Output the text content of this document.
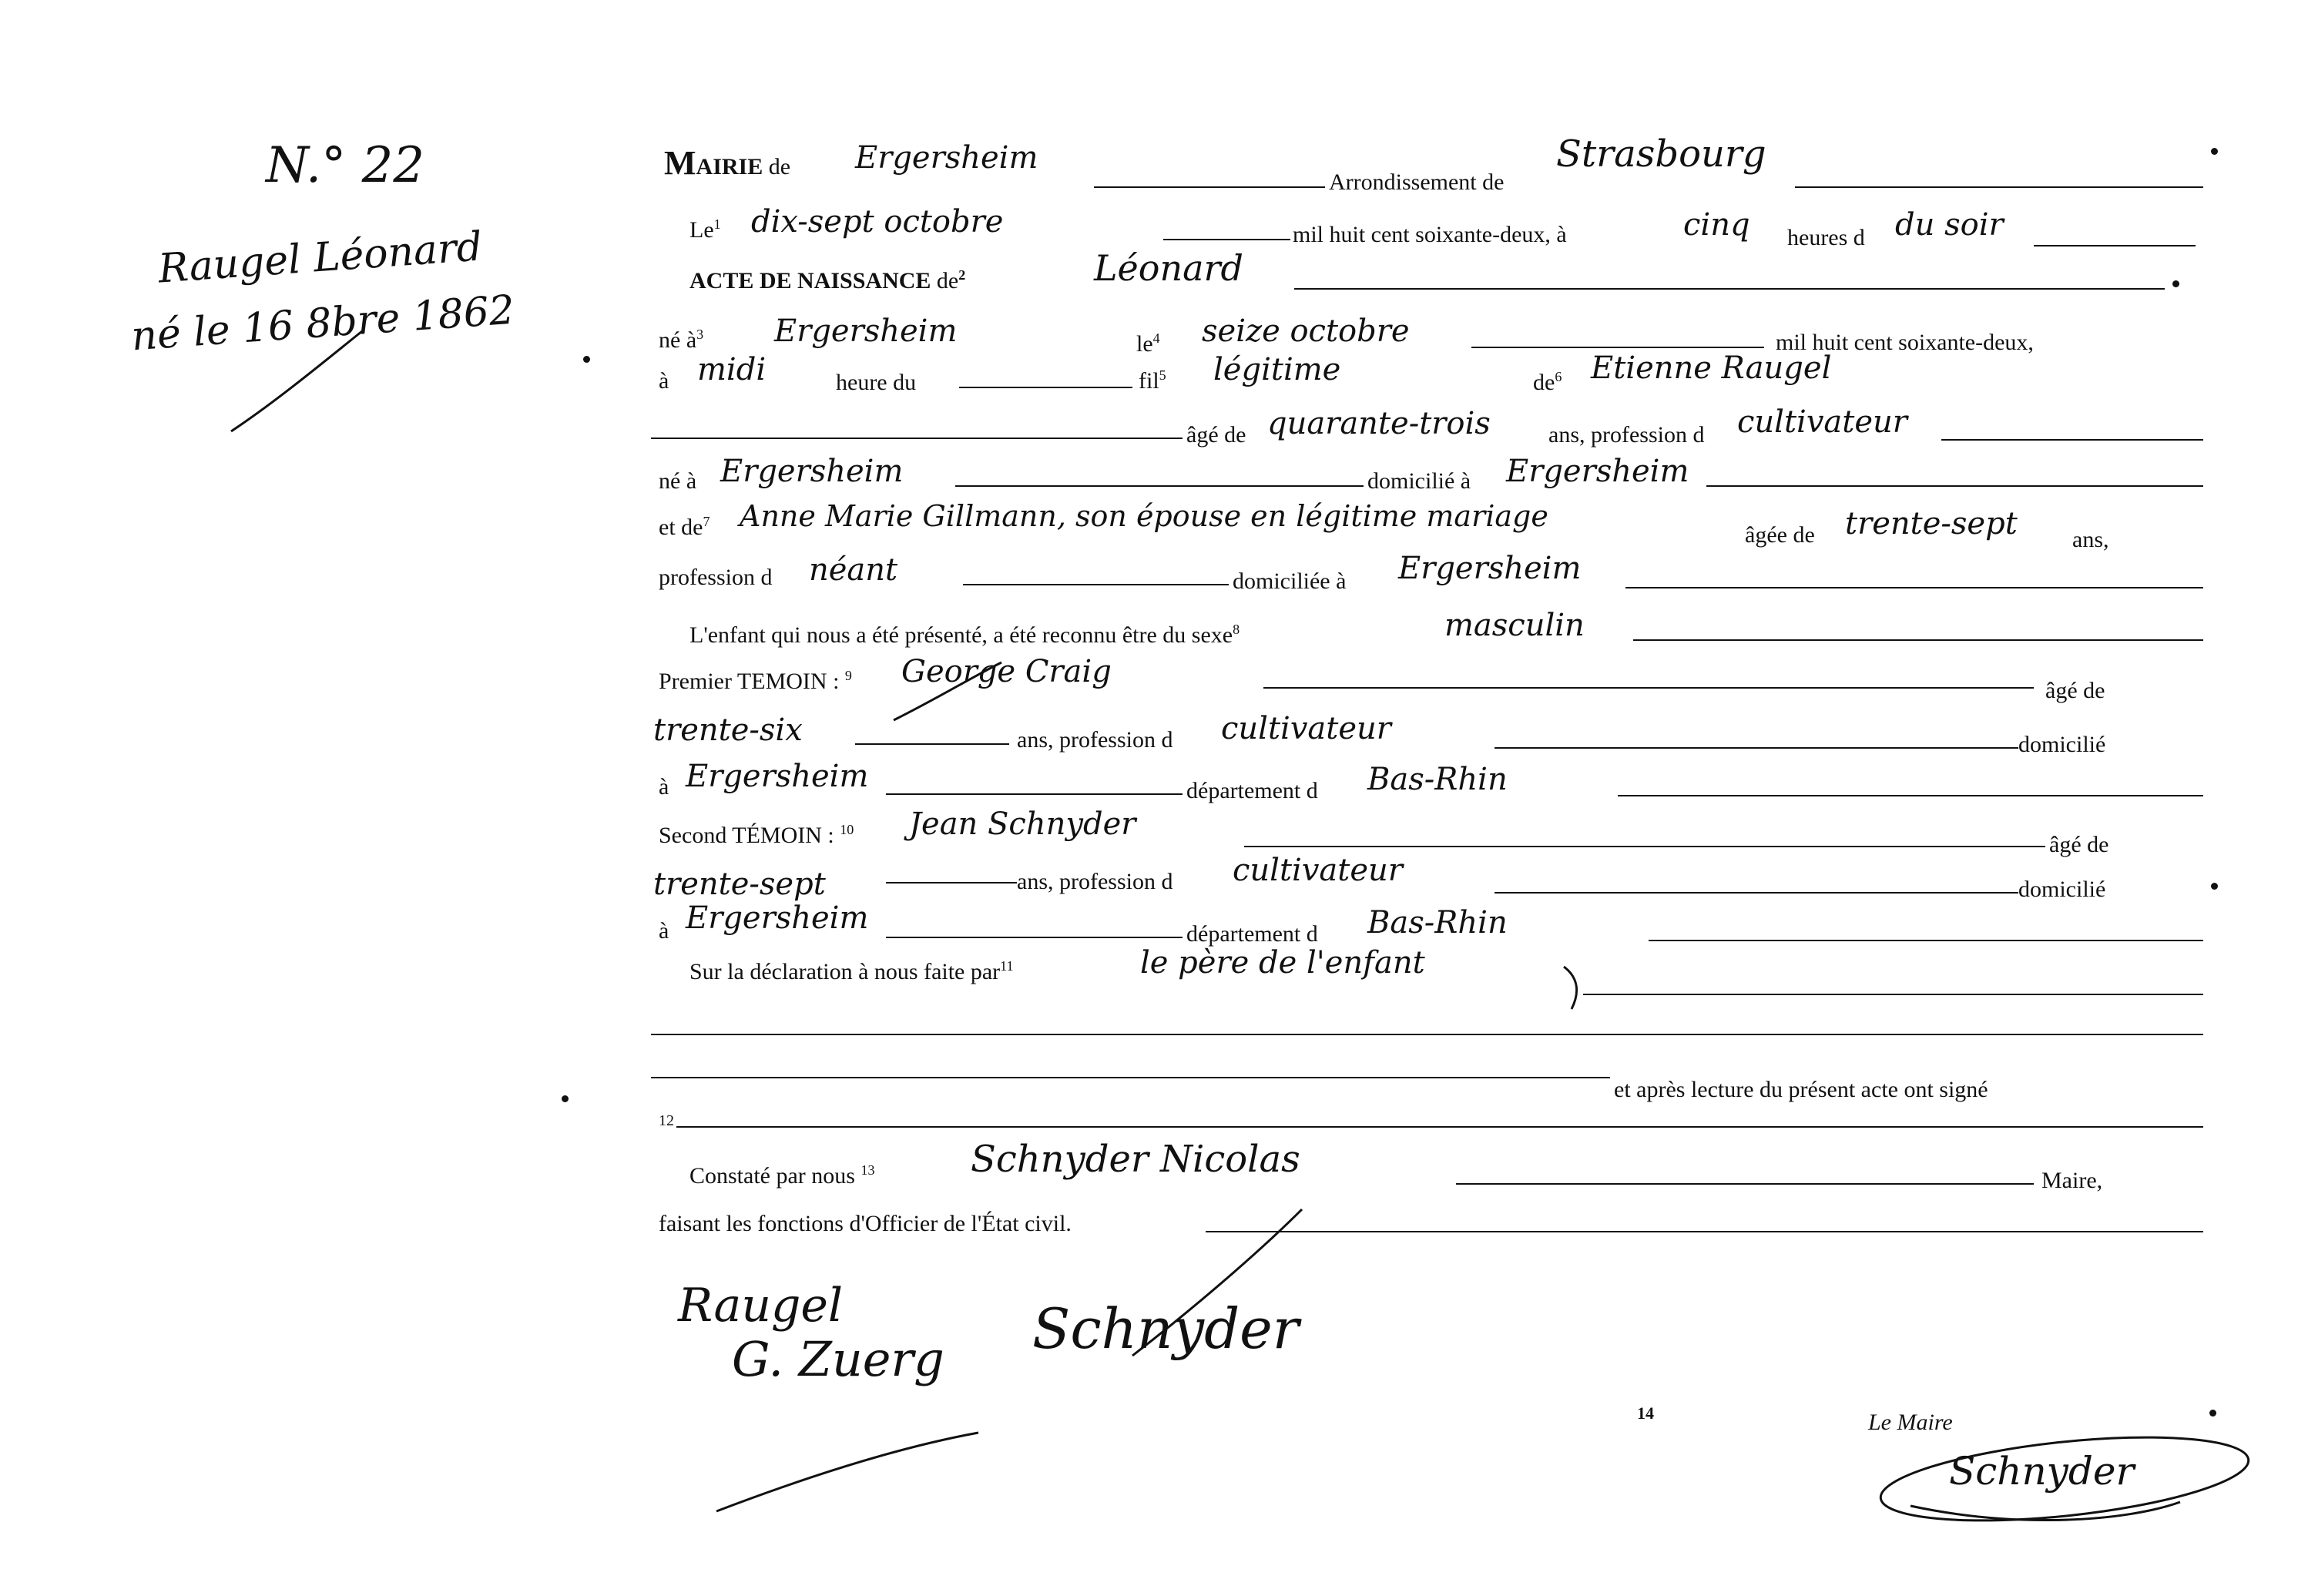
N.° 22
Raugel Léonard
né le 16 8bre 1862
MAIRIE de Ergersheim
Arrondissement de
Strasbourg
Le$^1$ dix-sept octobre	mil huit cent soixante-deux, à	cinq heures d du soir
ACTE DE NAISSANCE $de^2$	Léonard
né $à^3$ Ergersheim	$le^4$ seize octobre	mil huit cent soixante-deux,
à midi	heure du	fil$^5$ légitime	$de^6$ Etienne Raugel
âgé de quarante-trois	ans, profession d cultivateur
né à Ergersheim	domicilié à Ergersheim
et $de^7$ Anne Marie Gillmann, son épouse en légitime mariage
âgée de trente-sept ans,
profession d néant	domiciliée à Ergersheim
L'enfant qui nous a été présenté, a été reconnu être du sexe$^8$	masculin
Premier TEMOIN : $^9$ George Craig
âgé de
trente-six	ans, profession d cultivateur	domicilié
à Ergersheim	département d Bas-Rhin
Second TÉMOIN : $^{10}$ Jean Schnyder
âgé de
trente-sept	ans, profession d cultivateur
domicilié
à Ergersheim	département d Bas-Rhin
Sur la déclaration à nous faite par$^{11}$	le père de l'enfant
et après lecture du présent acte ont signé
12
Constaté par nous $^{13}$	Schnyder Nicolas	Maire,
faisant les fonctions d'Officier de l'État civil.
14	Le Maire
Raugel
G. Zuerg Schnyder
Schnyder
